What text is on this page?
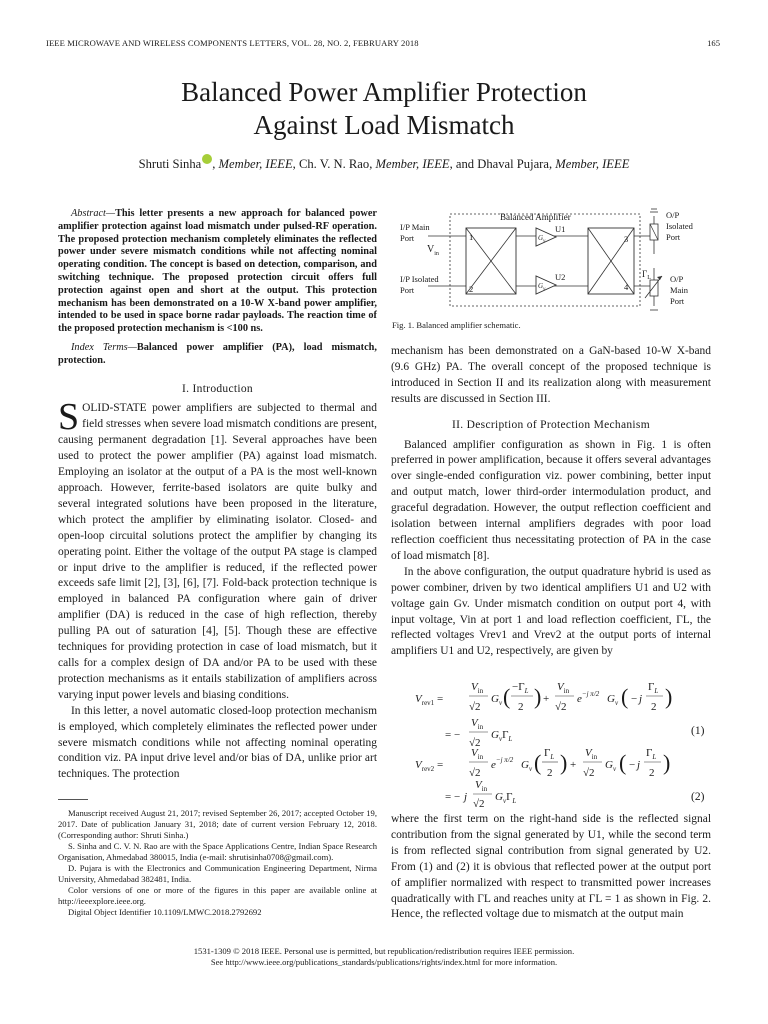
IEEE MICROWAVE AND WIRELESS COMPONENTS LETTERS, VOL. 28, NO. 2, FEBRUARY 2018	165
Balanced Power Amplifier Protection
Against Load Mismatch
Shruti Sinha , Member, IEEE, Ch. V. N. Rao, Member, IEEE, and Dhaval Pujara, Member, IEEE
Abstract—This letter presents a new approach for balanced power amplifier protection against load mismatch under pulsed-RF operation. The proposed protection mechanism completely eliminates the reflected power under severe mismatch conditions while not affecting nominal operating condition. The concept is based on detection, comparison, and switching technique. The proposed protection circuit offers full protection against open and short at the output. This protection mechanism has been demonstrated on a 10-W X-band power amplifier, intended to be used in space borne radar payloads. The reaction time of the proposed protection mechanism is <100 ns.
Index Terms—Balanced power amplifier (PA), load mismatch, protection.
I. Introduction

SOLID-STATE power amplifiers are subjected to thermal and field stresses when severe load mismatch conditions are present, causing permanent degradation [1]. Several approaches have been used to protect the power amplifier (PA) against load mismatch. Employing an isolator at the output of a PA is the most well-known approach. However, ferrite-based isolators are quite bulky and several integrated solutions have been proposed in the literature, which protect the amplifier by eliminating isolator. Closed- and open-loop circuital solutions protect the amplifier by changing its operating point. Either the voltage of the output PA stage is clamped or input drive to the amplifier is reduced, if the reflected power exceeds safe limit [2], [3], [6], [7]. Fold-back protection technique is employed in balanced PA configuration where gain of driver amplifier (DA) is reduced in the case of high reflection, thereby pulling PA out of saturation [4], [5]. Though these are effective techniques for providing protection in case of load mismatch, but it calls for a complex design of DA and/or PA to be used with these protection mechanisms as it entails stabilization of amplifiers across varying input power levels and biasing conditions.

In this letter, a novel automatic closed-loop protection mechanism is employed, which completely eliminates the reflected power under severe mismatch conditions while not affecting nominal operating condition viz. PA input drive level and/or bias of DA, unlike prior art techniques. The protection

Manuscript received August 21, 2017; revised September 26, 2017; accepted October 19, 2017. Date of publication January 31, 2018; date of current version February 12, 2018. (Corresponding author: Shruti Sinha.)

S. Sinha and C. V. N. Rao are with the Space Applications Centre, Indian Space Research Organisation, Ahmedabad 380015, India (e-mail: shrutisinha0708@gmail.com).

D. Pujara is with the Electronics and Communication Engineering Department, Nirma University, Ahmedabad 382481, India.

Color versions of one or more of the figures in this paper are available online at http://ieeexplore.ieee.org.

Digital Object Identifier 10.1109/LMWC.2018.2792692

Balanced Amplifier
I/P Main
Port
$V_{in}$
I/P Isolated
Port
1
2
$G_v$
$G_v$
U1
U2
3
4
$\Gamma_L$
O/P
Isolated
Port
O/P
Main
Port
Fig. 1. Balanced amplifier schematic.

mechanism has been demonstrated on a GaN-based 10-W X-band (9.6 GHz) PA. The overall concept of the proposed technique is introduced in Section II and its realization along with measurement results are discussed in Section III.

II. Description of Protection Mechanism

Balanced amplifier configuration as shown in Fig. 1 is often preferred in power amplification, because it offers several advantages over single-ended configuration viz. power combining, better input and output match, lower third-order intermodulation product, and graceful degradation. However, the output reflection coefficient and isolation between internal amplifiers degrades with poor load reflection coefficient thus necessitating protection of PA in the case of load mismatch [8].

In the above configuration, the output quadrature hybrid is used as power combiner, driven by two identical amplifiers U1 and U2 with voltage gain Gv. Under mismatch condition on output port 4, with input voltage, Vin at port 1 and load reflection coefficient, ΓL, the reflected voltages Vrev1 and Vrev2 at the output ports of internal amplifiers U1 and U2, respectively, are given by

$V_{rev1}$ =
$V_{in}$
√2
$G_v$ ( $-\Gamma_L$
2 ) +
$V_{in}$
√2
$e^{-j \pi/2}$ $G_v$ ( − j
$\Gamma_L$
2 )
= −
$V_{in}$
√2
$G_v\Gamma_L$
(1)
$V_{rev2}$ =
$V_{in}$
√2
$e^{-j \pi/2}$ $G_v$ ( $\Gamma_L$
2 ) +
$V_{in}$
√2
$G_v$ ( − j
$\Gamma_L$
2 )
= − j
$V_{in}$
√2
$G_v\Gamma_L$	(2)

where the first term on the right-hand side is the reflected signal contribution from the signal generated by U1, while the second term is from reflected signal contribution from signal generated by U2. From (1) and (2) it is obvious that reflected power at the output port of amplifier normalized with respect to transmitted power increases quadratically with ΓL and reaches unity at ΓL = 1 as shown in Fig. 2. Hence, the reflected voltage due to mismatch at the output main

1531-1309 © 2018 IEEE. Personal use is permitted, but republication/redistribution requires IEEE permission.
See http://www.ieee.org/publications_standards/publications/rights/index.html for more information.
